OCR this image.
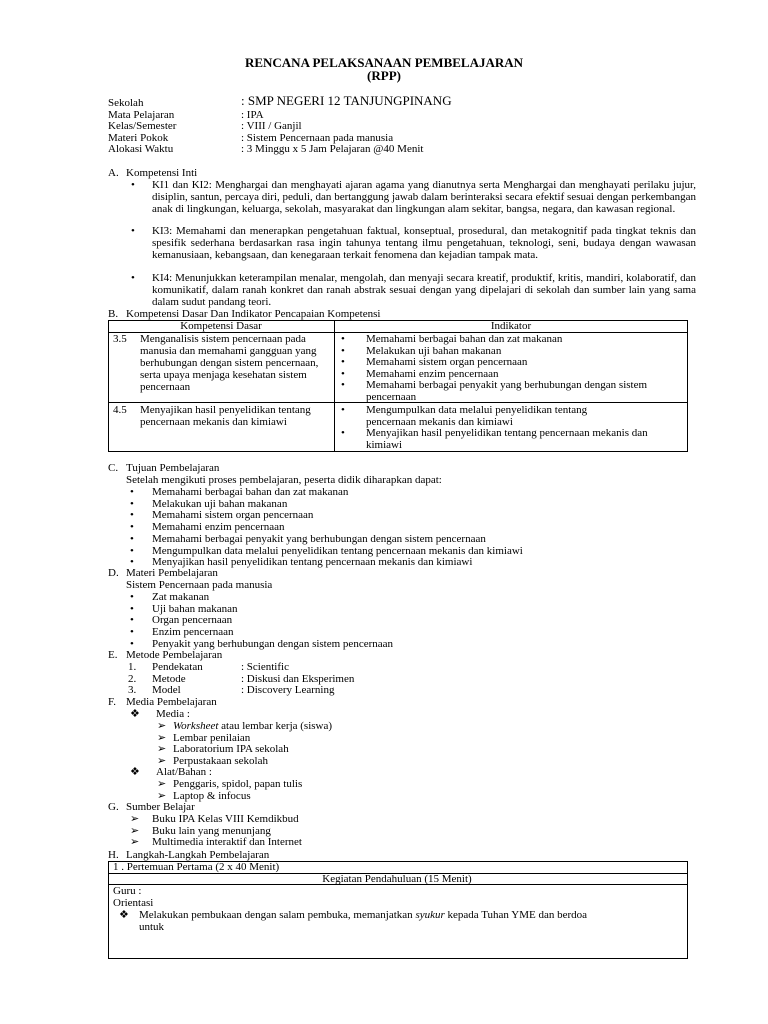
RENCANA PELAKSANAAN PEMBELAJARAN
(RPP)
Sekolah	: SMP NEGERI 12 TANJUNGPINANG
Mata Pelajaran	: IPA
Kelas/Semester	: VIII / Ganjil
Materi Pokok	: Sistem Pencernaan pada manusia
Alokasi Waktu	: 3 Minggu x 5 Jam Pelajaran @40 Menit
A. Kompetensi Inti
• KI1 dan KI2: Menghargai dan menghayati ajaran agama yang dianutnya serta Menghargai dan menghayati perilaku jujur, disiplin, santun, percaya diri, peduli, dan bertanggung jawab dalam berinteraksi secara efektif sesuai dengan perkembangan anak di lingkungan, keluarga, sekolah, masyarakat dan lingkungan alam sekitar, bangsa, negara, dan kawasan regional.
• KI3: Memahami dan menerapkan pengetahuan faktual, konseptual, prosedural, dan metakognitif pada tingkat teknis dan spesifik sederhana berdasarkan rasa ingin tahunya tentang ilmu pengetahuan, teknologi, seni, budaya dengan wawasan kemanusiaan, kebangsaan, dan kenegaraan terkait fenomena dan kejadian tampak mata.
• KI4: Menunjukkan keterampilan menalar, mengolah, dan menyaji secara kreatif, produktif, kritis, mandiri, kolaboratif, dan komunikatif, dalam ranah konkret dan ranah abstrak sesuai dengan yang dipelajari di sekolah dan sumber lain yang sama dalam sudut pandang teori.
B. Kompetensi Dasar Dan Indikator Pencapaian Kompetensi
Kompetensi Dasar	Indikator
3.5 Menganalisis sistem pencernaan pada manusia dan memahami gangguan yang berhubungan dengan sistem pencernaan, serta upaya menjaga kesehatan sistem pencernaan
• Memahami berbagai bahan dan zat makanan
• Melakukan uji bahan makanan
• Memahami sistem organ pencernaan
• Memahami enzim pencernaan
• Memahami berbagai penyakit yang berhubungan dengan sistem pencernaan
4.5 Menyajikan hasil penyelidikan tentang pencernaan mekanis dan kimiawi
• Mengumpulkan data melalui penyelidikan tentang pencernaan mekanis dan kimiawi
• Menyajikan hasil penyelidikan tentang pencernaan mekanis dan kimiawi
C. Tujuan Pembelajaran
Setelah mengikuti proses pembelajaran, peserta didik diharapkan dapat:
• Memahami berbagai bahan dan zat makanan
• Melakukan uji bahan makanan
• Memahami sistem organ pencernaan
• Memahami enzim pencernaan
• Memahami berbagai penyakit yang berhubungan dengan sistem pencernaan
• Mengumpulkan data melalui penyelidikan tentang pencernaan mekanis dan kimiawi
• Menyajikan hasil penyelidikan tentang pencernaan mekanis dan kimiawi
D. Materi Pembelajaran
Sistem Pencernaan pada manusia
• Zat makanan
• Uji bahan makanan
• Organ pencernaan
• Enzim pencernaan
• Penyakit yang berhubungan dengan sistem pencernaan
E. Metode Pembelajaran
1. Pendekatan	: Scientific
2. Metode	: Diskusi dan Eksperimen
3. Model	: Discovery Learning
F. Media Pembelajaran
❖ Media :
➢ Worksheet atau lembar kerja (siswa)
➢ Lembar penilaian
➢ Laboratorium IPA sekolah
➢ Perpustakaan sekolah
❖ Alat/Bahan :
➢ Penggaris, spidol, papan tulis
➢ Laptop & infocus
G. Sumber Belajar
➢ Buku IPA Kelas VIII Kemdikbud
➢ Buku lain yang menunjang
➢ Multimedia interaktif dan Internet
H. Langkah-Langkah Pembelajaran
1 . Pertemuan Pertama (2 x 40 Menit)
Kegiatan Pendahuluan (15 Menit)
Guru :
Orientasi
❖ Melakukan pembukaan dengan salam pembuka, memanjatkan syukur kepada Tuhan YME dan berdoa
untuk
